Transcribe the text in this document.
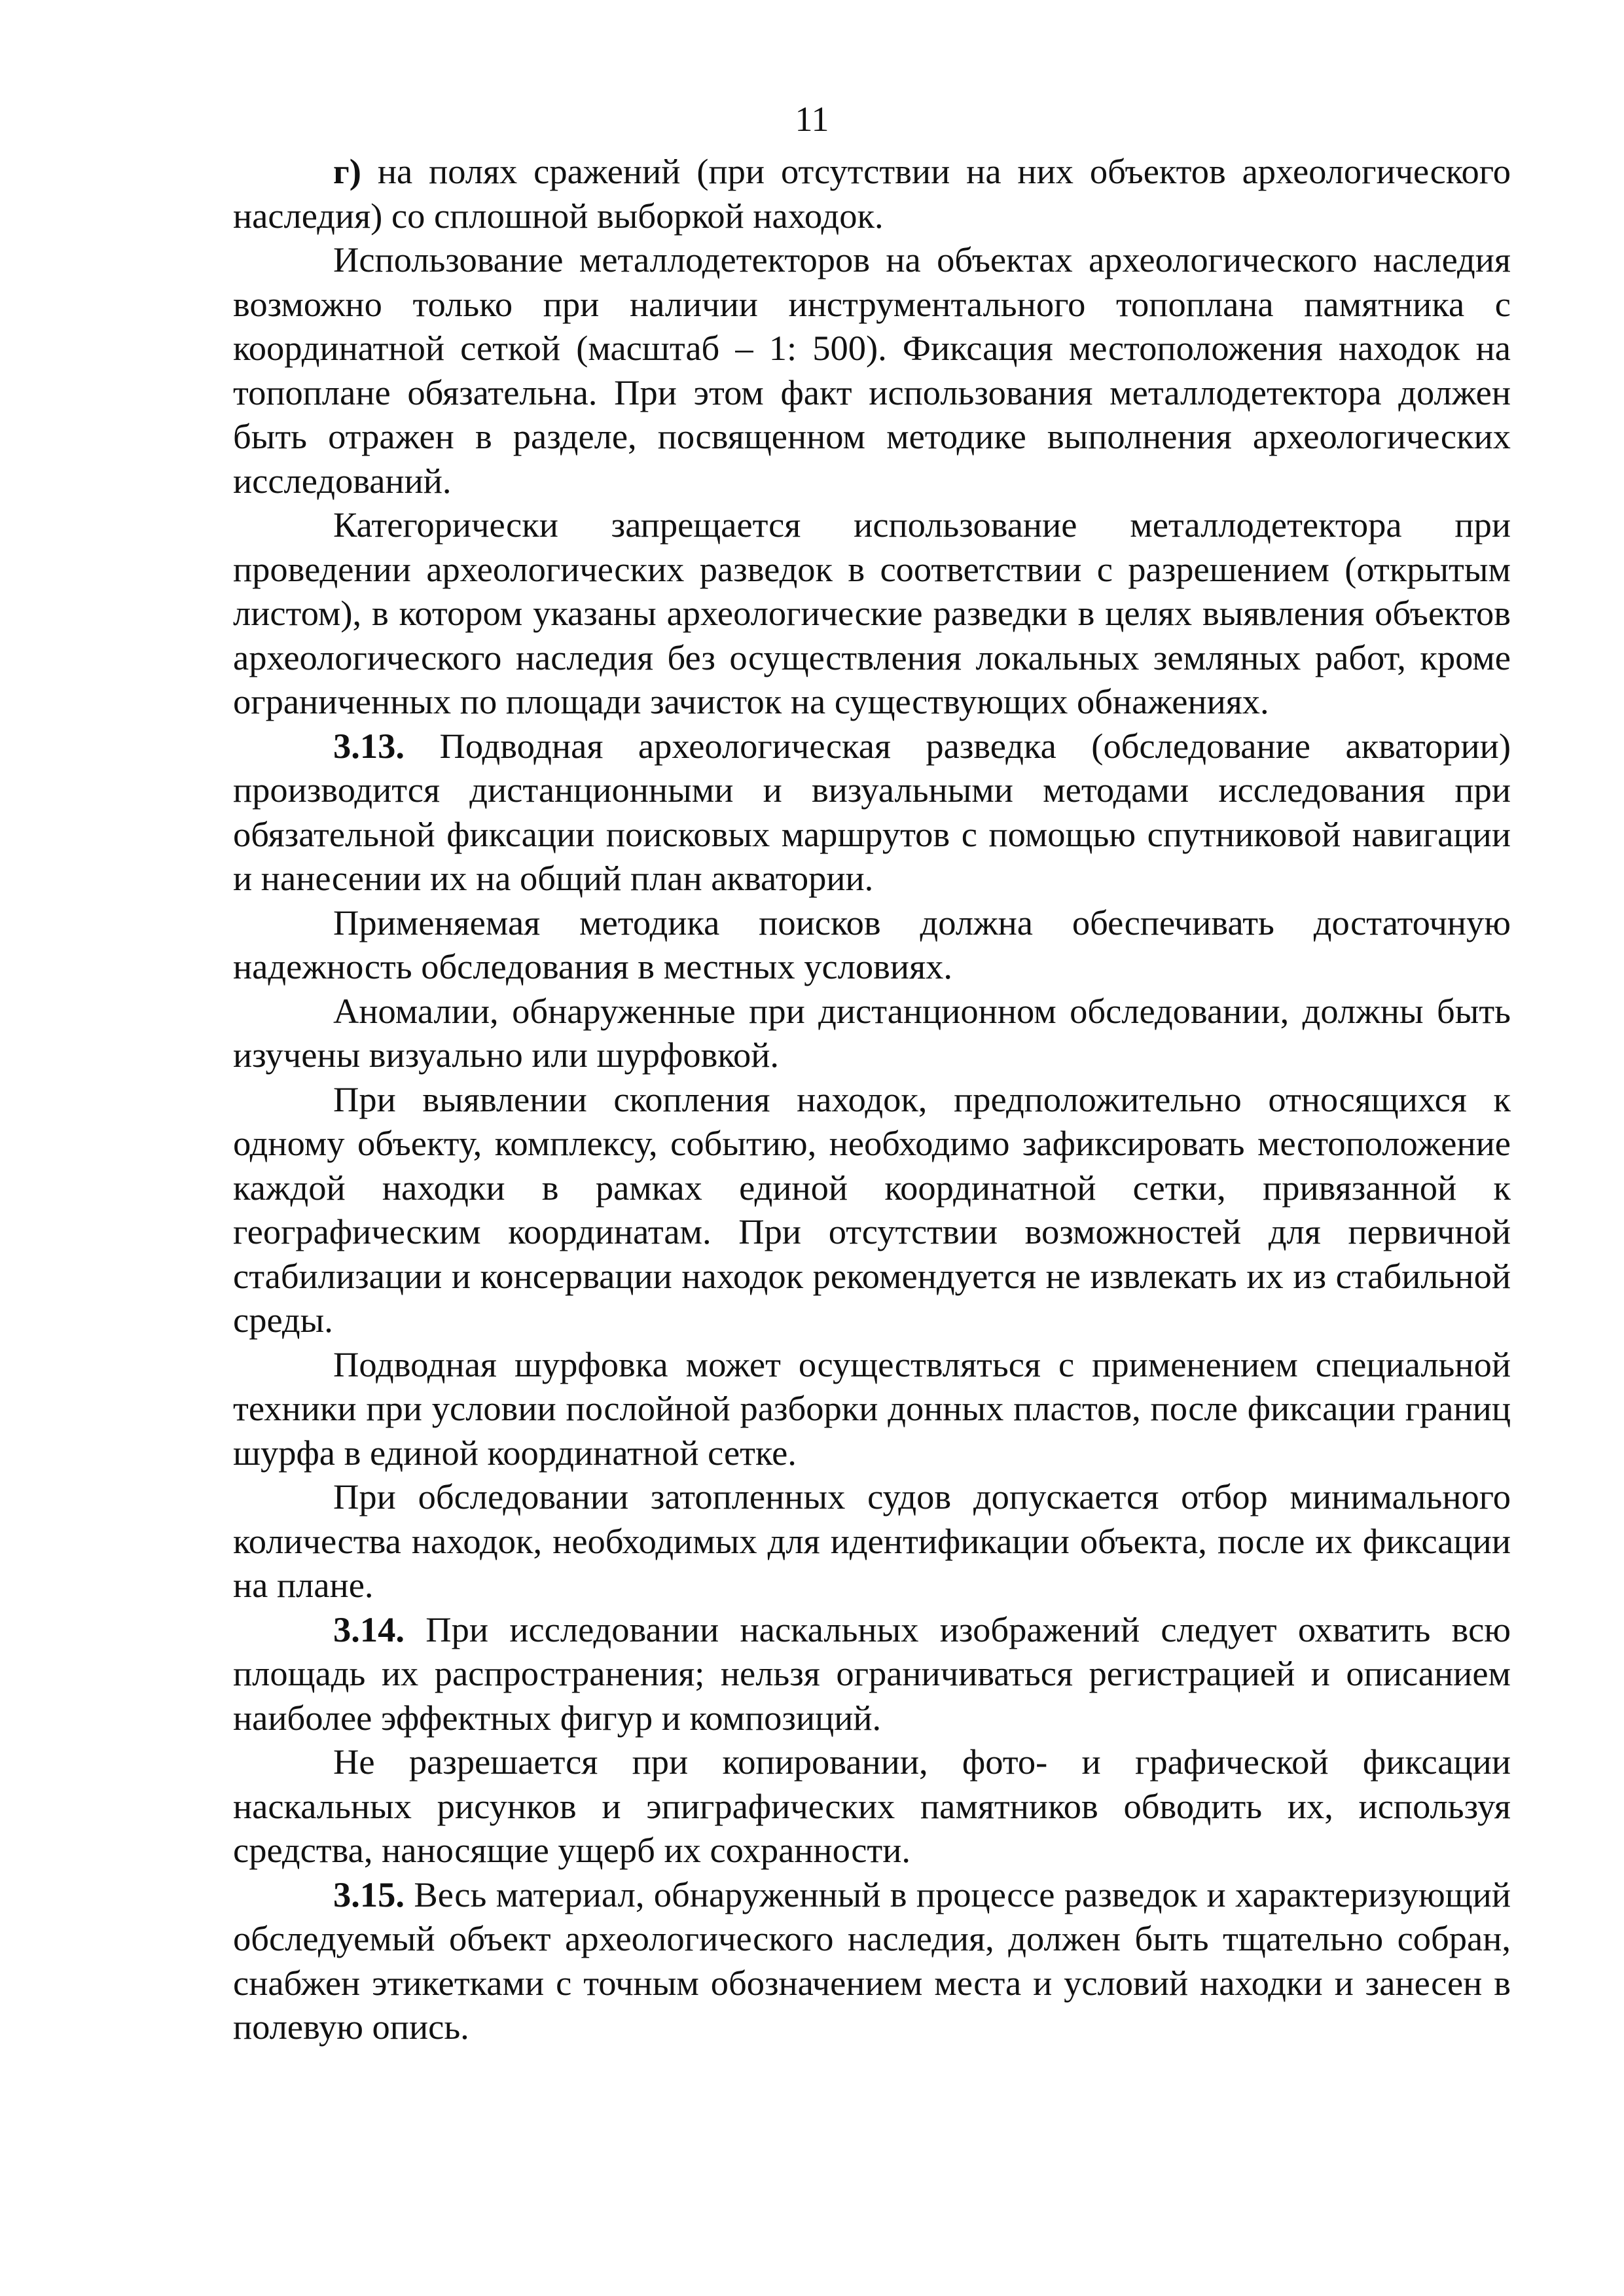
11

г) на полях сражений (при отсутствии на них объектов археологического наследия) со сплошной выборкой находок.

Использование металлодетекторов на объектах археологического наследия возможно только при наличии инструментального топоплана памятника с координатной сеткой (масштаб – 1: 500). Фиксация местоположения находок на топоплане обязательна. При этом факт использования металлодетектора должен быть отражен в разделе, посвященном методике выполнения археологических исследований.

Категорически запрещается использование металлодетектора при проведении археологических разведок в соответствии с разрешением (открытым листом), в котором указаны археологические разведки в целях выявления объектов археологического наследия без осуществления локальных земляных работ, кроме ограниченных по площади зачисток на существующих обнажениях.

3.13. Подводная археологическая разведка (обследование акватории) производится дистанционными и визуальными методами исследования при обязательной фиксации поисковых маршрутов с помощью спутниковой навигации и нанесении их на общий план акватории.

Применяемая методика поисков должна обеспечивать достаточную надежность обследования в местных условиях.

Аномалии, обнаруженные при дистанционном обследовании, должны быть изучены визуально или шурфовкой.

При выявлении скопления находок, предположительно относящихся к одному объекту, комплексу, событию, необходимо зафиксировать местоположение каждой находки в рамках единой координатной сетки, привязанной к географическим координатам. При отсутствии возможностей для первичной стабилизации и консервации находок рекомендуется не извлекать их из стабильной среды.

Подводная шурфовка может осуществляться с применением специальной техники при условии послойной разборки донных пластов, после фиксации границ шурфа в единой координатной сетке.

При обследовании затопленных судов допускается отбор минимального количества находок, необходимых для идентификации объекта, после их фиксации на плане.

3.14. При исследовании наскальных изображений следует охватить всю площадь их распространения; нельзя ограничиваться регистрацией и описанием наиболее эффектных фигур и композиций.

Не разрешается при копировании, фото- и графической фиксации наскальных рисунков и эпиграфических памятников обводить их, используя средства, наносящие ущерб их сохранности.

3.15. Весь материал, обнаруженный в процессе разведок и характеризующий обследуемый объект археологического наследия, должен быть тщательно собран, снабжен этикетками с точным обозначением места и условий находки и занесен в полевую опись.
